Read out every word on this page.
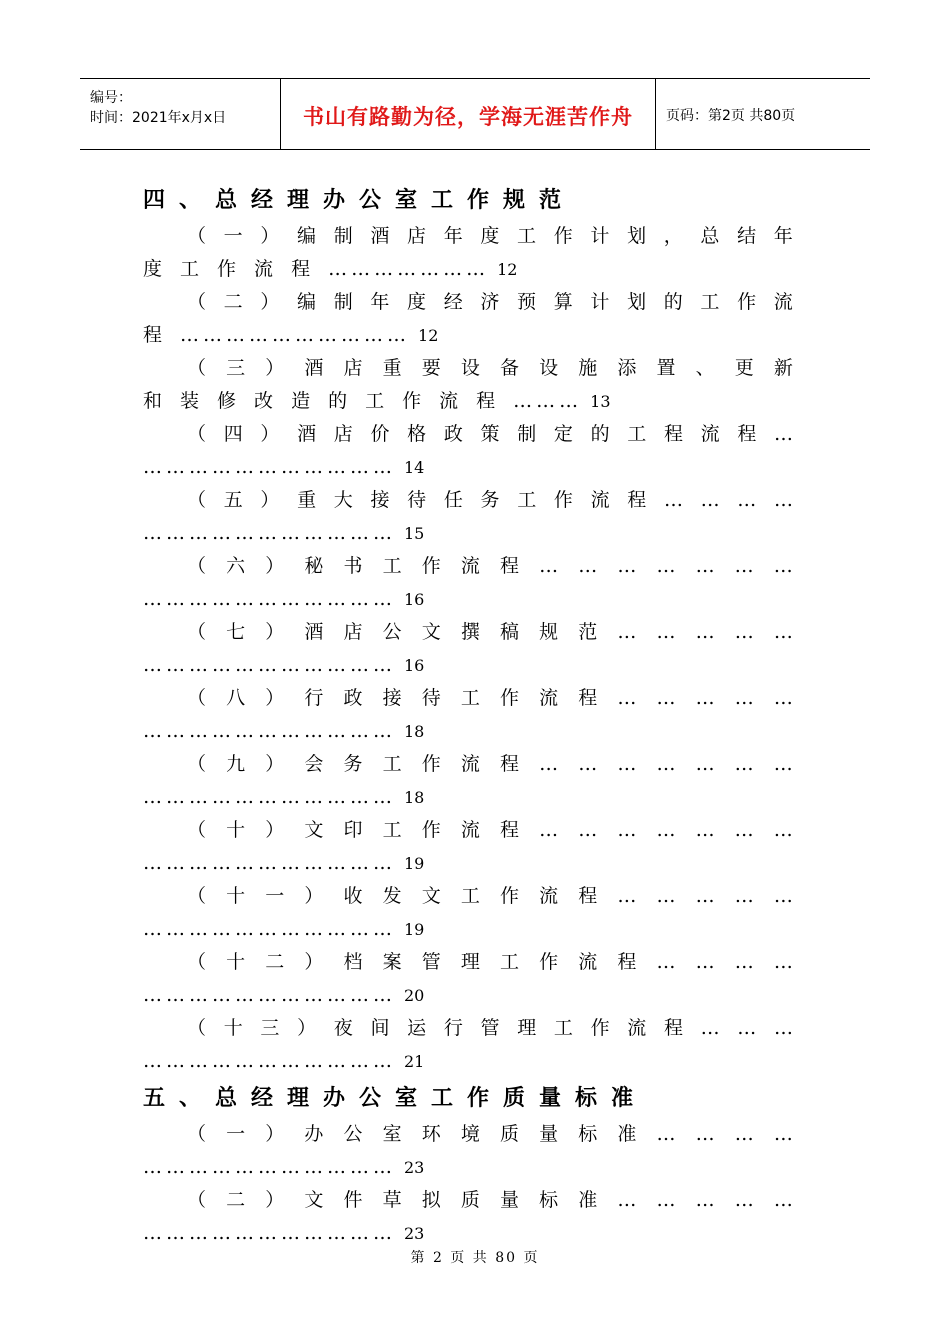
编号：
时间：2021年x月x日	书山有路勤为径，学海无涯苦作舟	页码：第2页 共80页
四、总经理办公室工作规范
（ 一 ） 编 制 酒 店 年 度 工 作 计 划 ， 总 结 年
度 工 作 流 程 ………………… 12
（ 二 ） 编 制 年 度 经 济 预 算 计 划 的 工 作 流
程 ………………………… 12
（ 三 ） 酒 店 重 要 设 备 设 施 添 置 、 更 新
和 装 修 改 造 的 工 作 流 程 ……… 13
（ 四 ） 酒 店 价 格 政 策 制 定 的 工 程 流 程 …
…………………………… 14
（ 五 ） 重 大 接 待 任 务 工 作 流 程 … … … …
…………………………… 15
（ 六 ） 秘 书 工 作 流 程 … … … … … … …
…………………………… 16
（ 七 ） 酒 店 公 文 撰 稿 规 范 … … … … …
…………………………… 16
（ 八 ） 行 政 接 待 工 作 流 程 … … … … …
…………………………… 18
（ 九 ） 会 务 工 作 流 程 … … … … … … …
…………………………… 18
（ 十 ） 文 印 工 作 流 程 … … … … … … …
…………………………… 19
（ 十 一 ） 收 发 文 工 作 流 程 … … … … …
…………………………… 19
（ 十 二 ） 档 案 管 理 工 作 流 程 … … … …
…………………………… 20
（ 十 三 ） 夜 间 运 行 管 理 工 作 流 程 … … …
…………………………… 21
五、总经理办公室工作质量标准
（ 一 ） 办 公 室 环 境 质 量 标 准 … … … …
…………………………… 23
（ 二 ） 文 件 草 拟 质 量 标 准 … … … … …
…………………………… 23
第 2 页 共 80 页
